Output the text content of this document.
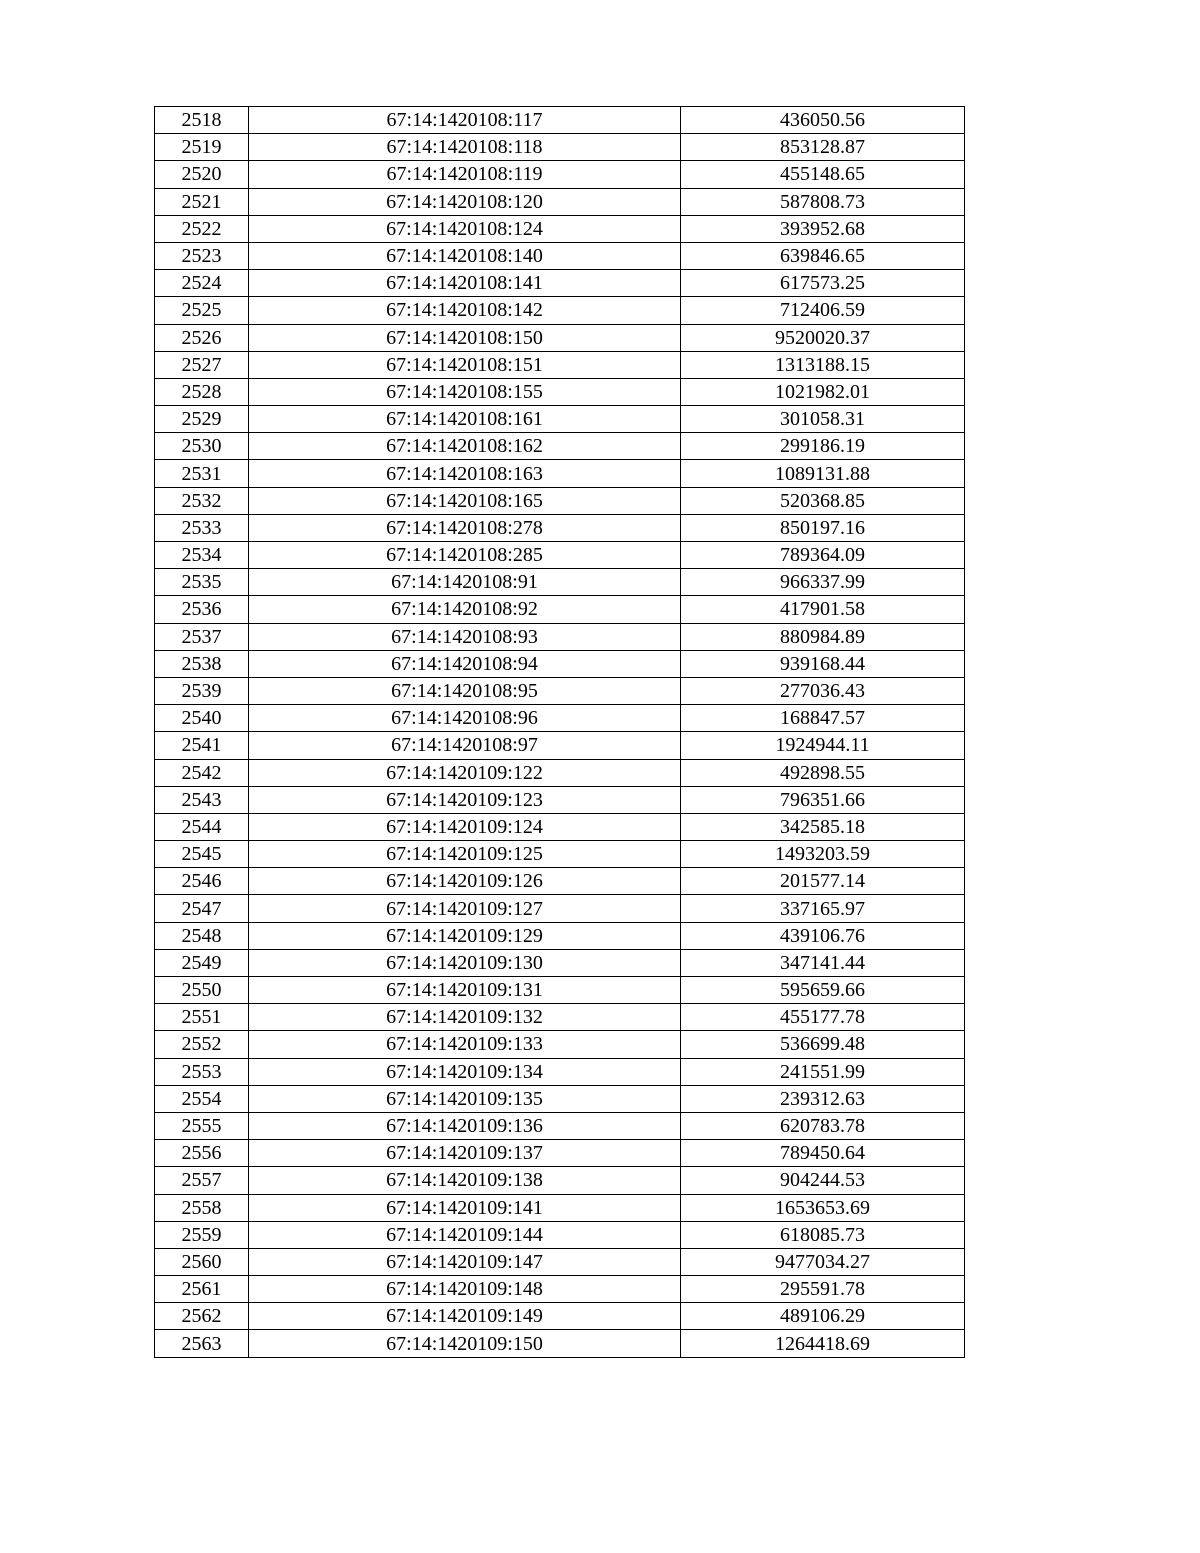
2518	67:14:1420108:117	436050.56
2519	67:14:1420108:118	853128.87
2520	67:14:1420108:119	455148.65
2521	67:14:1420108:120	587808.73
2522	67:14:1420108:124	393952.68
2523	67:14:1420108:140	639846.65
2524	67:14:1420108:141	617573.25
2525	67:14:1420108:142	712406.59
2526	67:14:1420108:150	9520020.37
2527	67:14:1420108:151	1313188.15
2528	67:14:1420108:155	1021982.01
2529	67:14:1420108:161	301058.31
2530	67:14:1420108:162	299186.19
2531	67:14:1420108:163	1089131.88
2532	67:14:1420108:165	520368.85
2533	67:14:1420108:278	850197.16
2534	67:14:1420108:285	789364.09
2535	67:14:1420108:91	966337.99
2536	67:14:1420108:92	417901.58
2537	67:14:1420108:93	880984.89
2538	67:14:1420108:94	939168.44
2539	67:14:1420108:95	277036.43
2540	67:14:1420108:96	168847.57
2541	67:14:1420108:97	1924944.11
2542	67:14:1420109:122	492898.55
2543	67:14:1420109:123	796351.66
2544	67:14:1420109:124	342585.18
2545	67:14:1420109:125	1493203.59
2546	67:14:1420109:126	201577.14
2547	67:14:1420109:127	337165.97
2548	67:14:1420109:129	439106.76
2549	67:14:1420109:130	347141.44
2550	67:14:1420109:131	595659.66
2551	67:14:1420109:132	455177.78
2552	67:14:1420109:133	536699.48
2553	67:14:1420109:134	241551.99
2554	67:14:1420109:135	239312.63
2555	67:14:1420109:136	620783.78
2556	67:14:1420109:137	789450.64
2557	67:14:1420109:138	904244.53
2558	67:14:1420109:141	1653653.69
2559	67:14:1420109:144	618085.73
2560	67:14:1420109:147	9477034.27
2561	67:14:1420109:148	295591.78
2562	67:14:1420109:149	489106.29
2563	67:14:1420109:150	1264418.69
